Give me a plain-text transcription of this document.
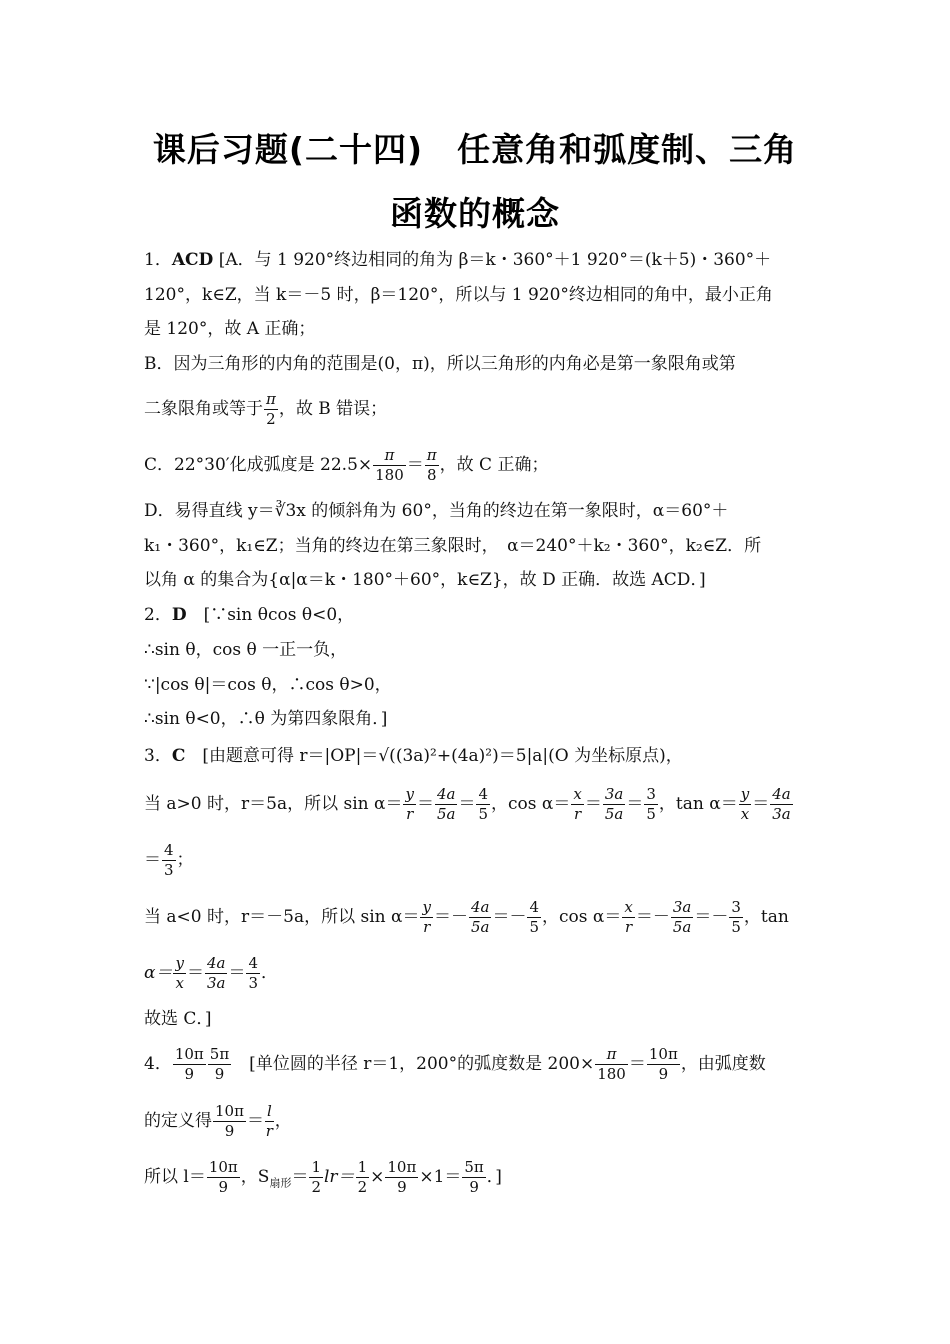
课后习题(二十四)　任意角和弧度制、三角
函数的概念
1．ACD [A．与 1 920°终边相同的角为 β＝k・360°＋1 920°＝(k＋5)・360°＋
120°，k∈Z，当 k＝－5 时，β＝120°，所以与 1 920°终边相同的角中，最小正角
是 120°，故 A 正确；
B．因为三角形的内角的范围是(0，π)，所以三角形的内角必是第一象限角或第
二象限角或等于 $\frac{\pi}{2}$ ，故 B 错误；
C．22°30′化成弧度是 $22.5\times \frac{\pi}{180} = \frac{\pi}{8}$ ，故 C 正确；
D．易得直线 y＝∛3x 的倾斜角为 60°，当角的终边在第一象限时，α＝60°＋
k₁・360°，k₁∈Z；当角的终边在第三象限时，　α＝240°＋k₂・360°，k₂∈Z．所
以角 α 的集合为{α|α＝k・180°＋60°，k∈Z}，故 D 正确．故选 ACD．]
2．D　[∵sin θcos θ<0，
∴sin θ，cos θ 一正一负，
∵|cos θ|＝cos θ，∴cos θ>0，
∴sin θ<0，∴θ 为第四象限角．]
3．C　[由题意可得 r＝|OP|＝√((3a)²+(4a)²)＝5|a|(O 为坐标原点)，
当 a>0 时，r＝5a，所以 $\sin \alpha= \frac{y}{r}= \frac{4a}{5a}= \frac{4}{5}$ ，$\cos \alpha= \frac{x}{r}= \frac{3a}{5a}= \frac{3}{5}$ ，$\tan \alpha= \frac{y}{x}= \frac{4a}{3a}$
＝ $\frac{4}{3}$ ；
当 a<0 时，r＝－5a，所以 $\sin \alpha= \frac{y}{r}=- \frac{4a}{5a}=- \frac{4}{5}$ ，$\cos \alpha= \frac{x}{r}=- \frac{3a}{5a}=- \frac{3}{5}$ ，tan
$\alpha= \frac{y}{x}= \frac{4a}{3a}= \frac{4}{3}$ ．
故选 C．]
4． $\frac{10\pi}{9} \frac{5\pi}{9}$ 　[单位圆的半径 r＝1，200°的弧度数是 $200\times \frac{\pi}{180} = \frac{10\pi}{9}$ ，由弧度数
的定义得 $\frac{10\pi}{9} = \frac{l}{r}$，
所以 $l= \frac{10\pi}{9}$ ，$S_{扇形}= \frac{1}{2} lr= \frac{1}{2} \times \frac{10\pi}{9} \times 1= \frac{5\pi}{9}$ ．]
